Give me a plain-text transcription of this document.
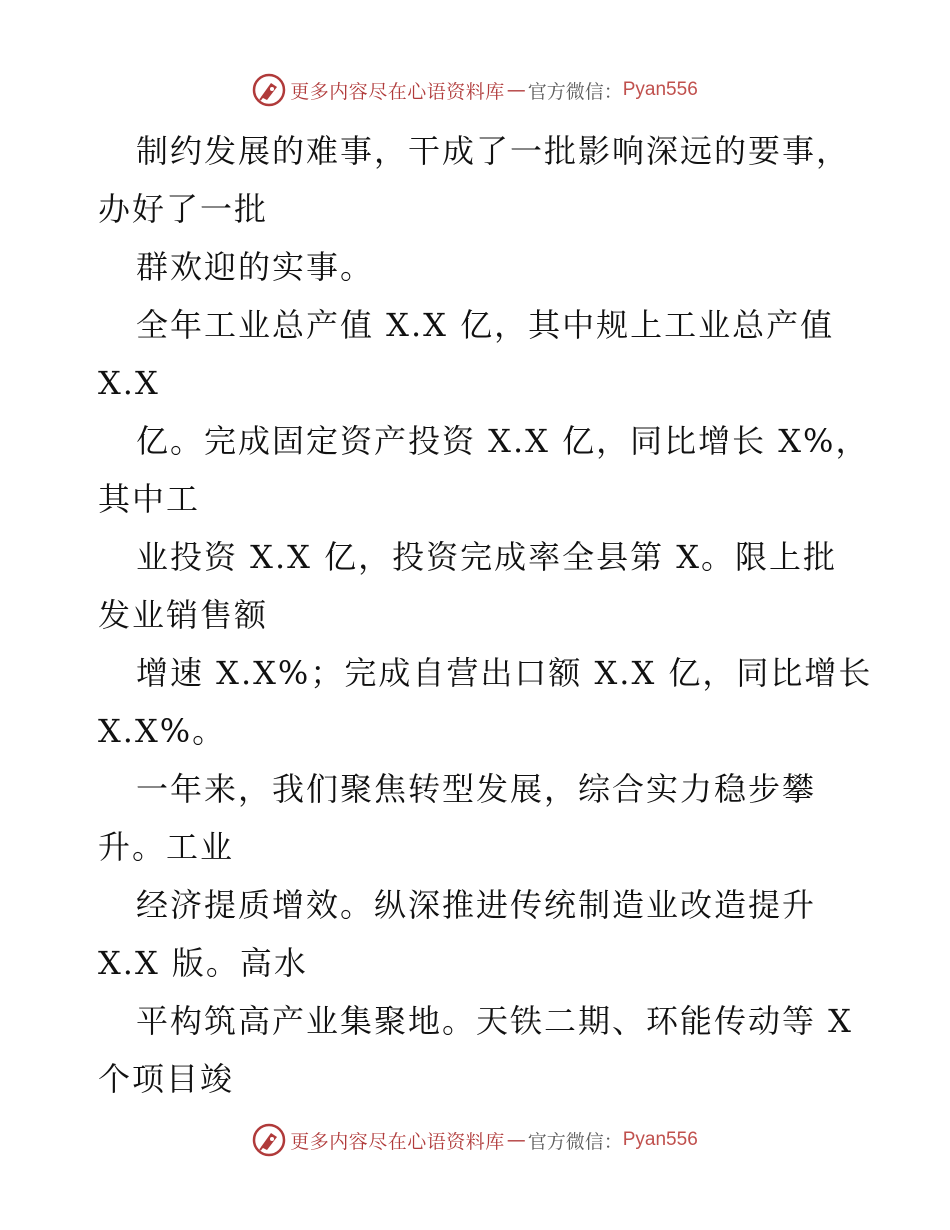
更多内容尽在心语资料库 — 官方微信： Pyan556
制约发展的难事，干成了一批影响深远的要事，
办好了一批
群欢迎的实事。
全年工业总产值 X.X 亿，其中规上工业总产值
X.X
亿。完成固定资产投资 X.X 亿，同比增长 X%，
其中工
业投资 X.X 亿，投资完成率全县第 X。限上批
发业销售额
增速 X.X%；完成自营出口额 X.X 亿，同比增长
X.X%。
一年来，我们聚焦转型发展，综合实力稳步攀
升。工业
经济提质增效。纵深推进传统制造业改造提升
X.X 版。高水
平构筑高产业集聚地。天铁二期、环能传动等 X
个项目竣
更多内容尽在心语资料库 — 官方微信： Pyan556
